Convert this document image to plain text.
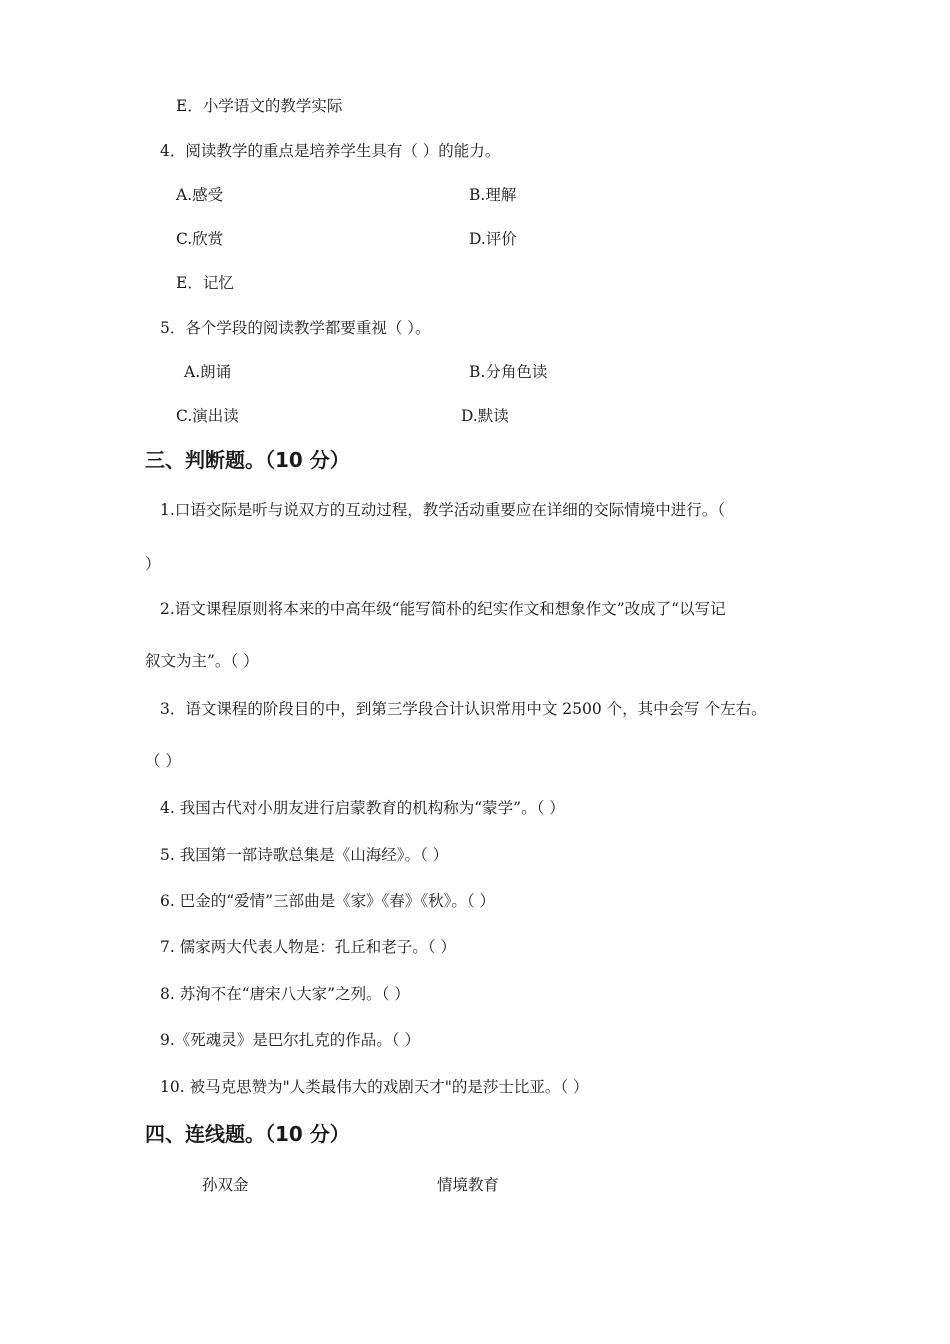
E．小学语文的教学实际
4．阅读教学的重点是培养学生具有（ ）的能力。
A.感受	B.理解
C.欣赏	D.评价
E．记忆
5．各个学段的阅读教学都要重视（ ）。
A.朗诵	B.分角色读
C.演出读	D.默读
三、判断题。（10 分）
1.口语交际是听与说双方的互动过程，教学活动重要应在详细的交际情境中进行。（
）
2.语文课程原则将本来的中高年级“能写简朴的纪实作文和想象作文”改成了“以写记
叙文为主”。（ ）
3．语文课程的阶段目的中，到第三学段合计认识常用中文 2500 个，其中会写 个左右。
（ ）
4. 我国古代对小朋友进行启蒙教育的机构称为“蒙学”。（ ）
5. 我国第一部诗歌总集是《山海经》。（ ）
6. 巴金的“爱情”三部曲是《家》《春》《秋》。（ ）
7. 儒家两大代表人物是：孔丘和老子。（ ）
8. 苏洵不在“唐宋八大家”之列。（ ）
9.《死魂灵》是巴尔扎克的作品。（ ）
10. 被马克思赞为"人类最伟大的戏剧天才"的是莎士比亚。（ ）
四、连线题。（10 分）
孙双金	情境教育
